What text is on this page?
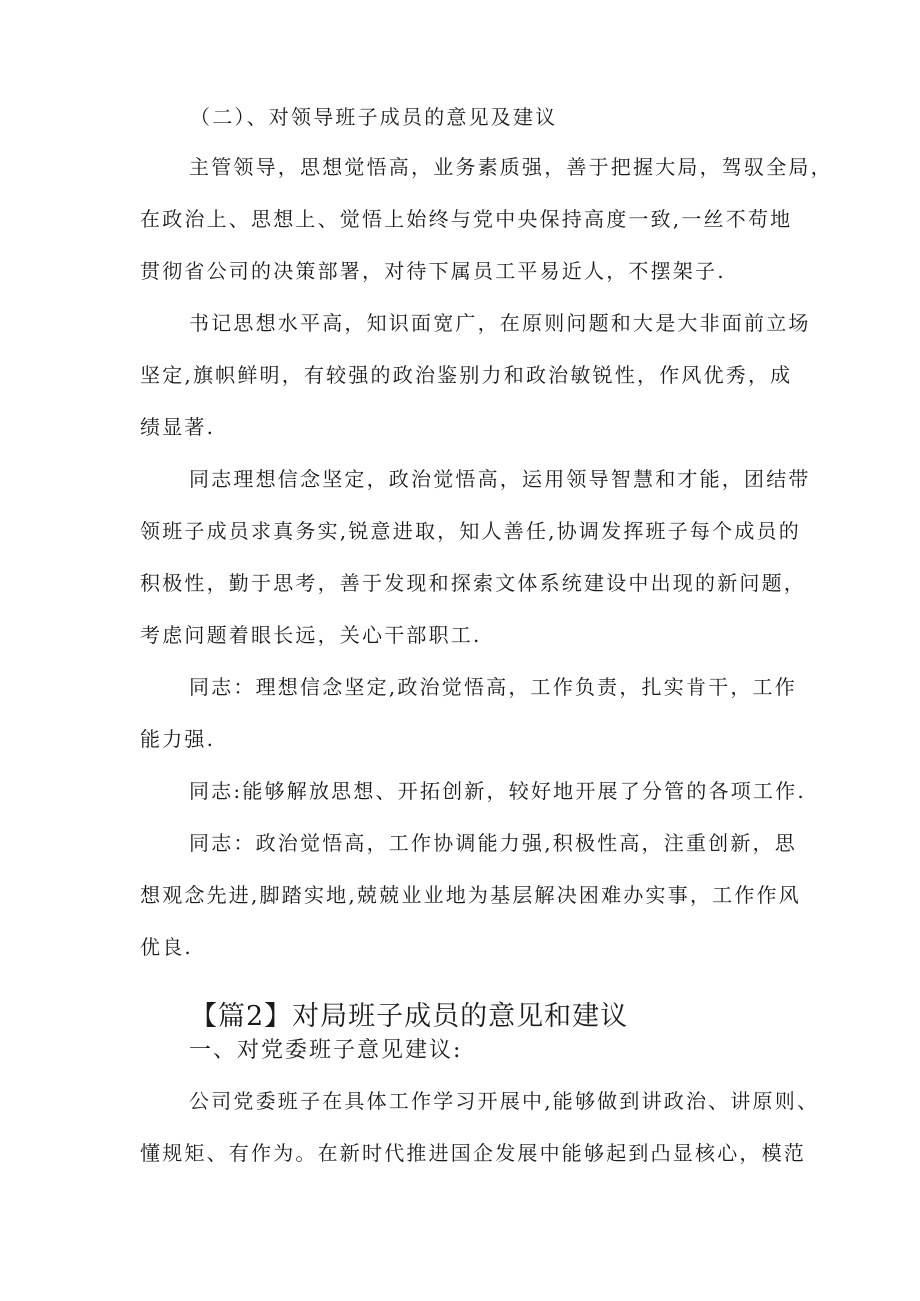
（二）、对领导班子成员的意见及建议
主管领导，思想觉悟高，业务素质强，善于把握大局，驾驭全局，
在政治上、思想上、觉悟上始终与党中央保持高度一致,一丝不苟地
贯彻省公司的决策部署，对待下属员工平易近人，不摆架子.
书记思想水平高，知识面宽广，在原则问题和大是大非面前立场
坚定,旗帜鲜明，有较强的政治鉴别力和政治敏锐性，作风优秀，成
绩显著.
同志理想信念坚定，政治觉悟高，运用领导智慧和才能，团结带
领班子成员求真务实,锐意进取，知人善任,协调发挥班子每个成员的
积极性，勤于思考，善于发现和探索文体系统建设中出现的新问题，
考虑问题着眼长远，关心干部职工.
同志：理想信念坚定,政治觉悟高，工作负责，扎实肯干，工作
能力强.
同志:能够解放思想、开拓创新，较好地开展了分管的各项工作.
同志：政治觉悟高，工作协调能力强,积极性高，注重创新，思
想观念先进,脚踏实地,兢兢业业地为基层解决困难办实事，工作作风
优良.
【篇2】对局班子成员的意见和建议
一、对党委班子意见建议:
公司党委班子在具体工作学习开展中,能够做到讲政治、讲原则、
懂规矩、有作为。在新时代推进国企发展中能够起到凸显核心，模范
